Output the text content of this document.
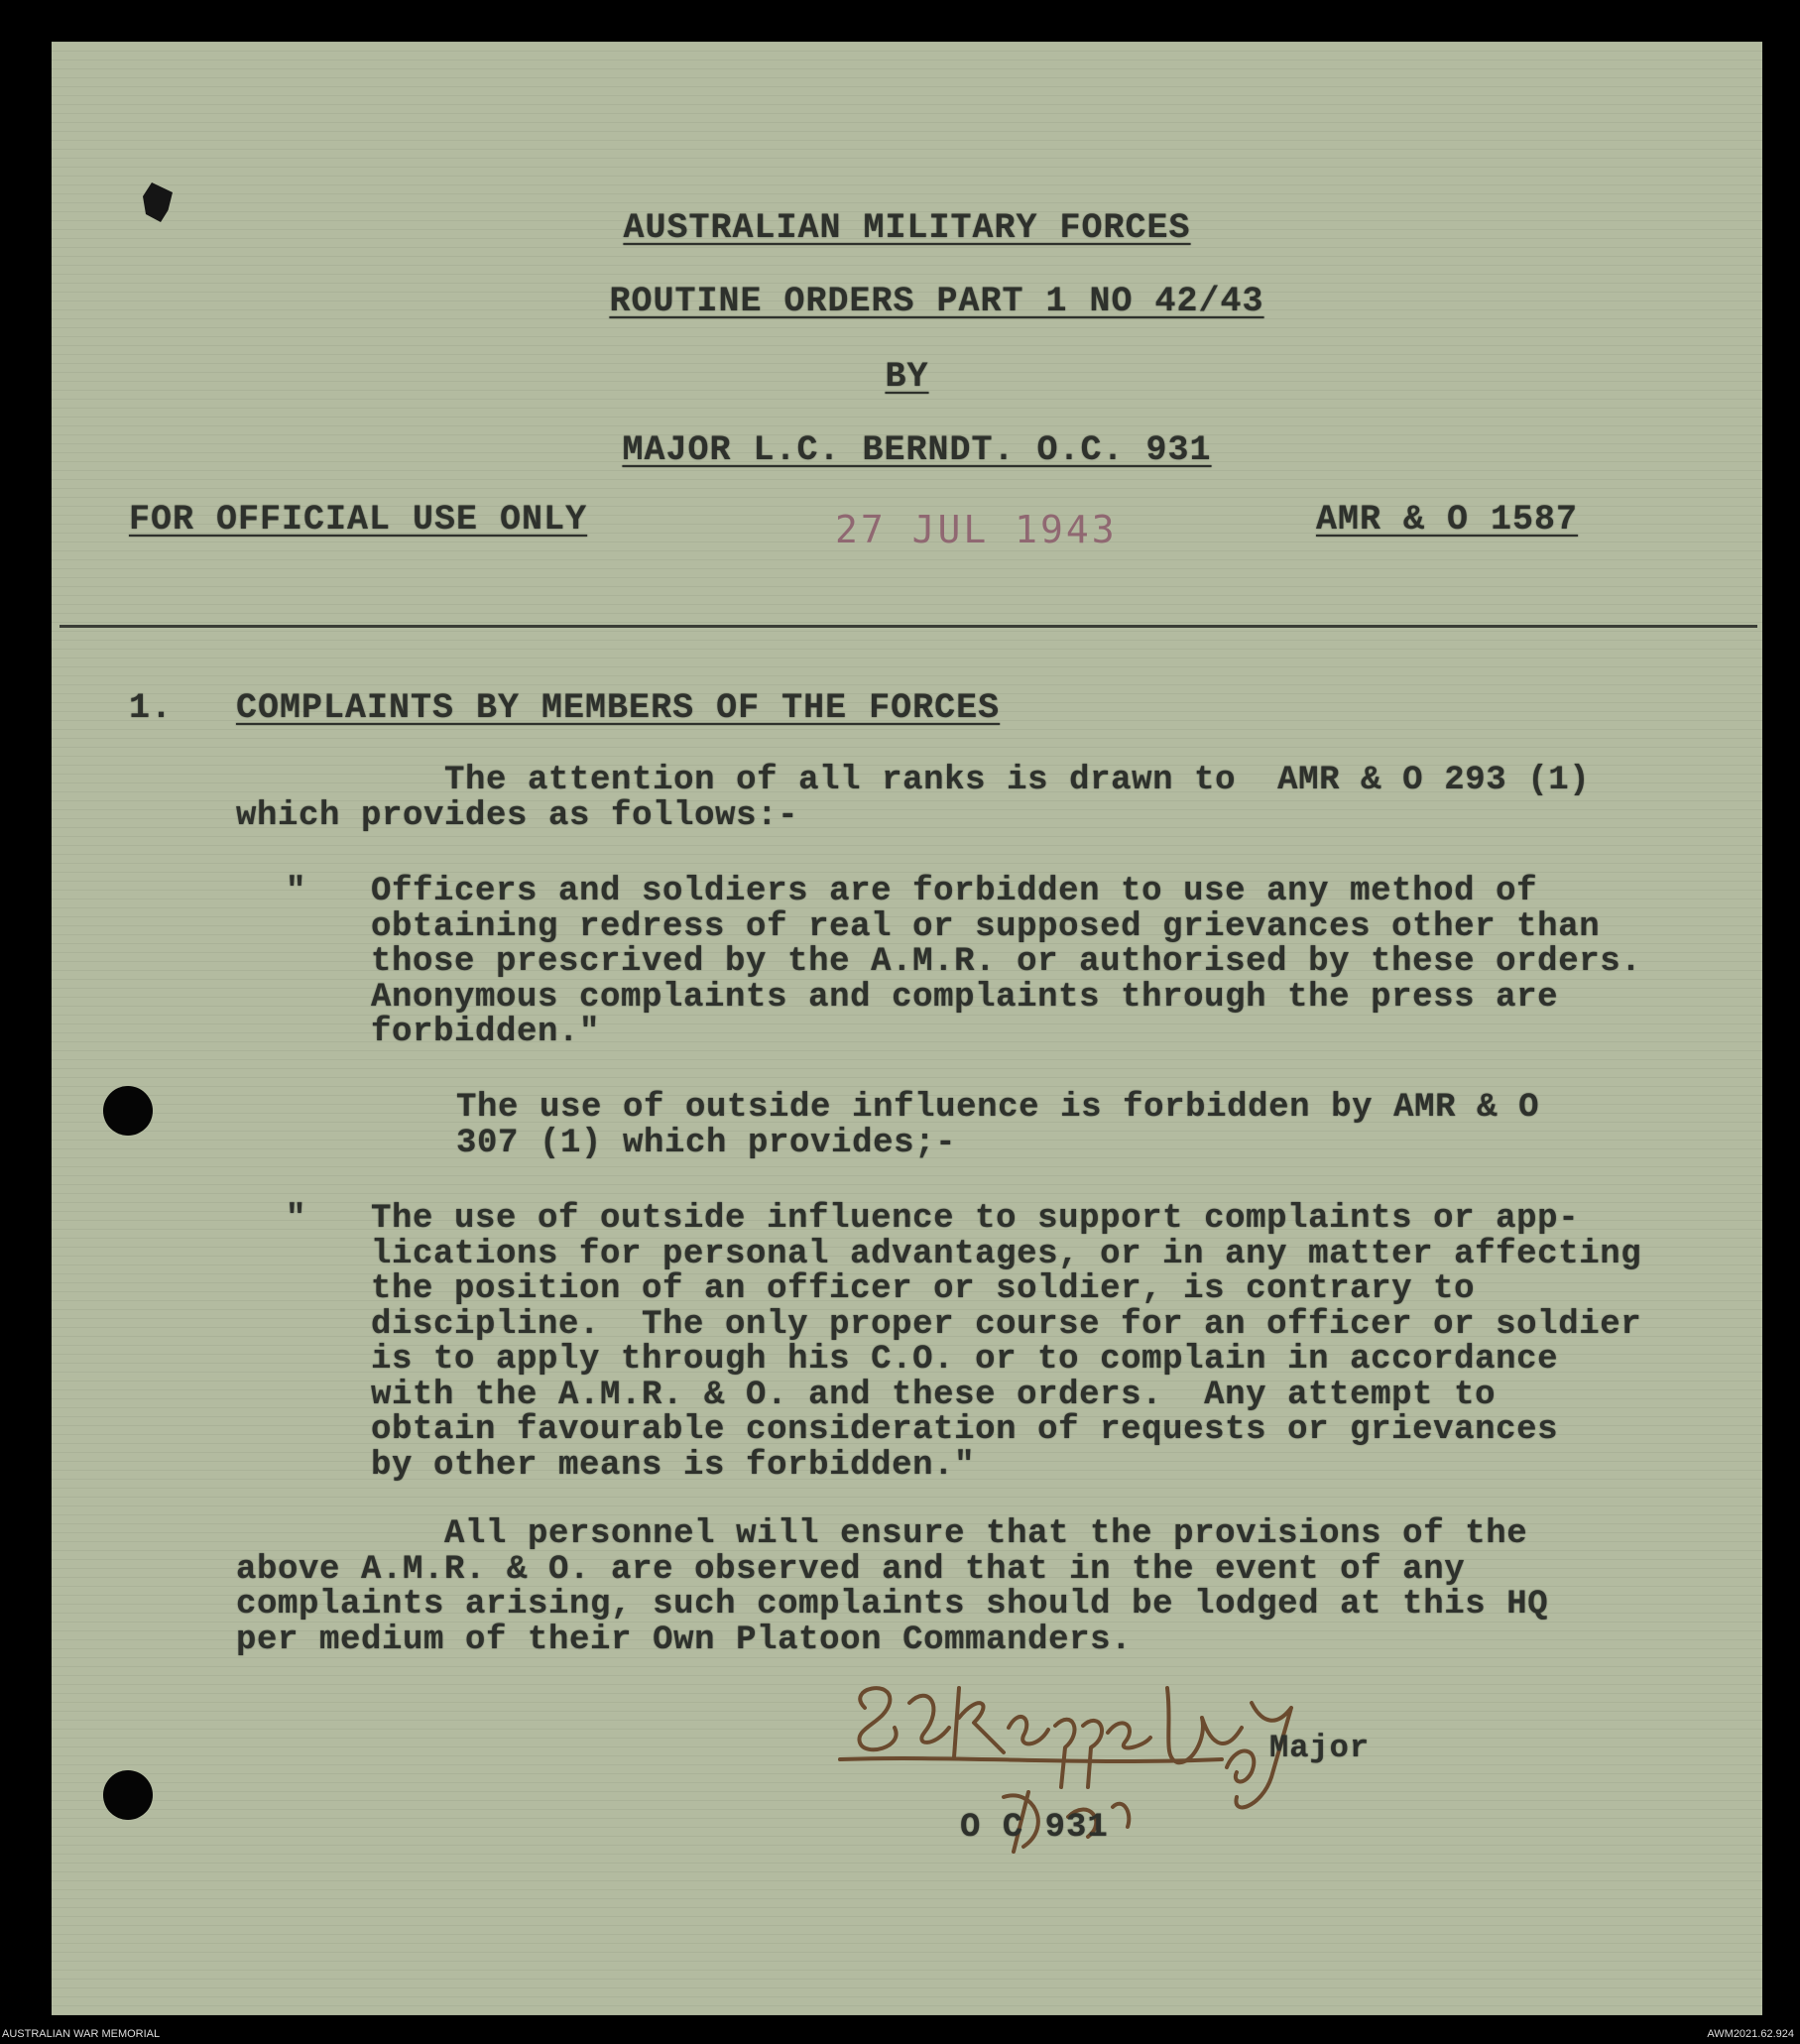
AUSTRALIAN MILITARY FORCES
ROUTINE ORDERS PART 1 NO 42/43
BY
MAJOR L.C. BERNDT. O.C. 931
FOR OFFICIAL USE ONLY	AMR & O 1587
27 JUL 1943
1. COMPLAINTS BY MEMBERS OF THE FORCES
The attention of all ranks is drawn to  AMR & O 293 (1)
which provides as follows:-
" Officers and soldiers are forbidden to use any method of
obtaining redress of real or supposed grievances other than
those prescrived by the A.M.R. or authorised by these orders.
Anonymous complaints and complaints through the press are
forbidden."
The use of outside influence is forbidden by AMR & O
307 (1) which provides;-
" The use of outside influence to support complaints or app-
lications for personal advantages, or in any matter affecting
the position of an officer or soldier, is contrary to
discipline.  The only proper course for an officer or soldier
is to apply through his C.O. or to complain in accordance
with the A.M.R. & O. and these orders.  Any attempt to
obtain favourable consideration of requests or grievances
by other means is forbidden."
All personnel will ensure that the provisions of the
above A.M.R. & O. are observed and that in the event of any
complaints arising, such complaints should be lodged at this HQ
per medium of their Own Platoon Commanders.
Major
O C 931
AUSTRALIAN WAR MEMORIAL	AWM2021.62.924
